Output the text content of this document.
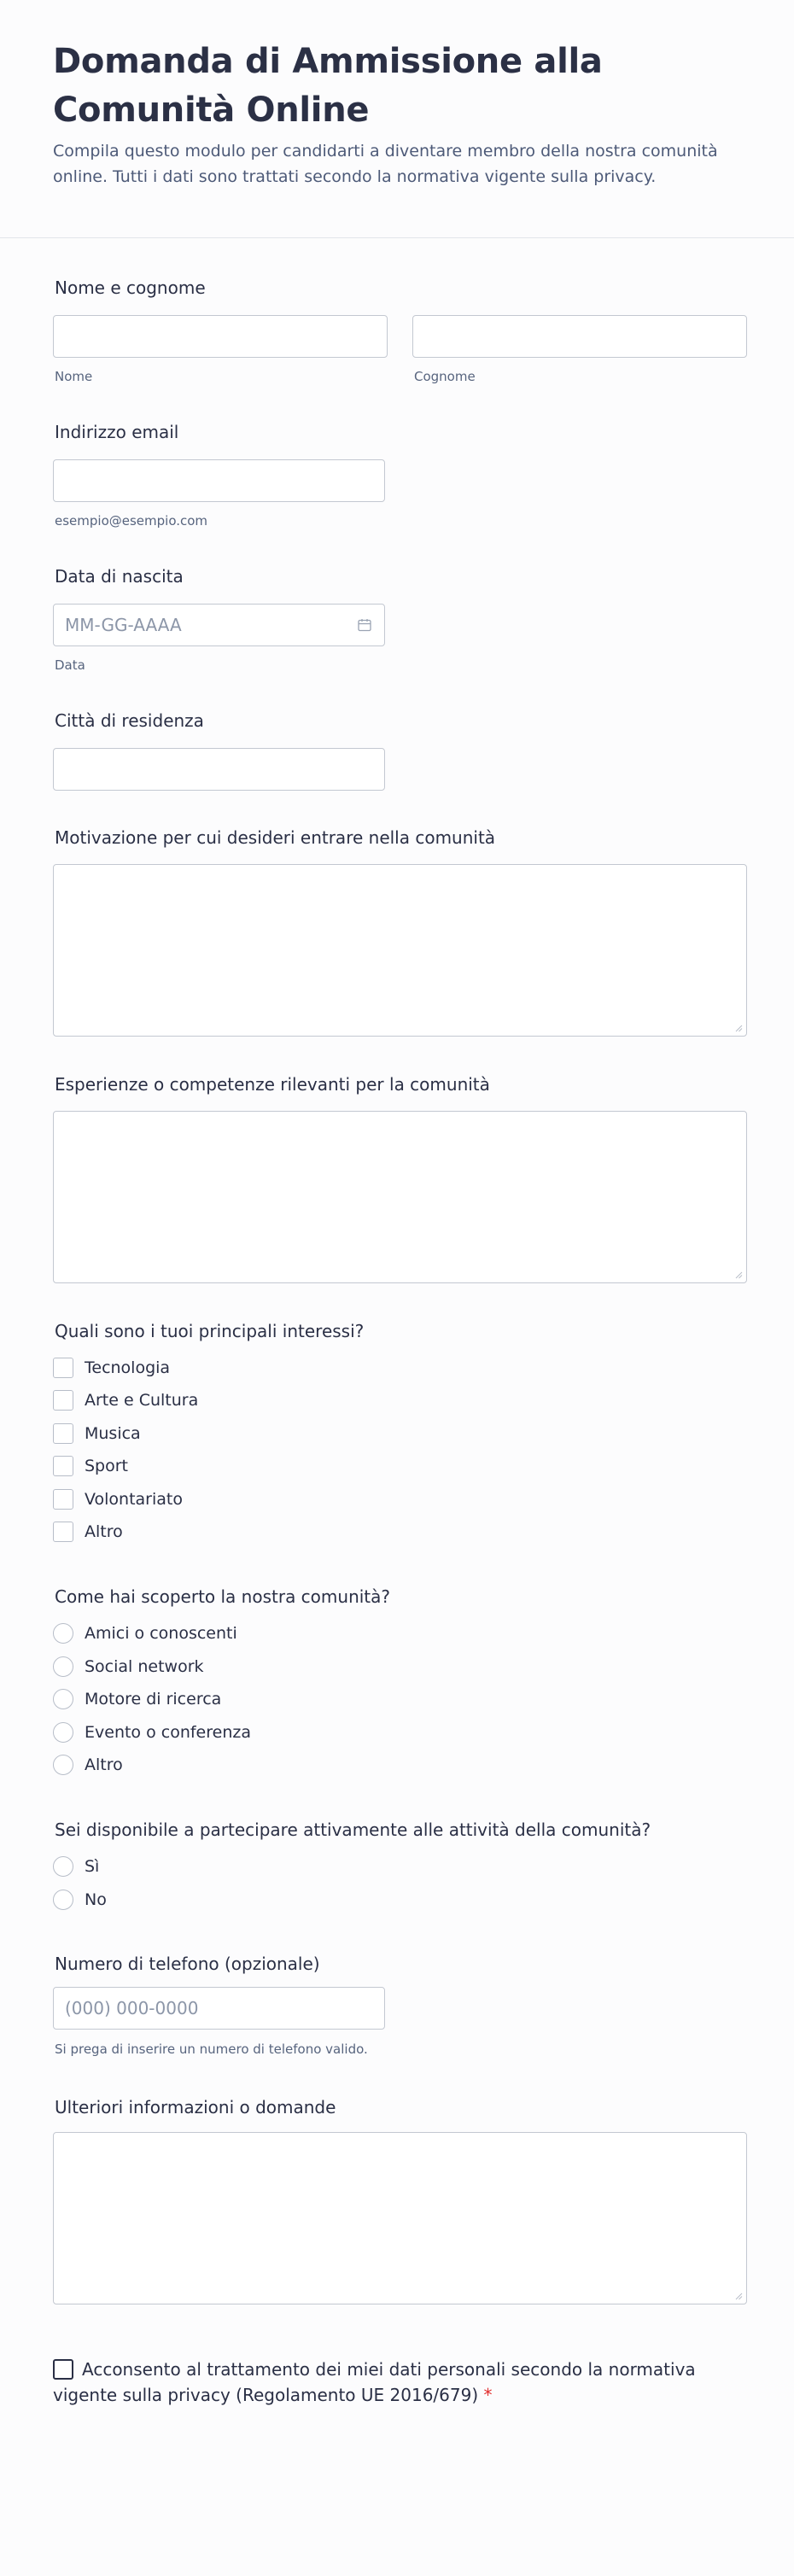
Domanda di Ammissione alla Comunità Online
Compila questo modulo per candidarti a diventare membro della nostra comunità online. Tutti i dati sono trattati secondo la normativa vigente sulla privacy.
Nome e cognome
Nome	Cognome
Indirizzo email
esempio@esempio.com
Data di nascita
MM-GG-AAAA
Data
Città di residenza
Motivazione per cui desideri entrare nella comunità
Esperienze o competenze rilevanti per la comunità
Quali sono i tuoi principali interessi?
Tecnologia
Arte e Cultura
Musica
Sport
Volontariato
Altro
Come hai scoperto la nostra comunità?
Amici o conoscenti
Social network
Motore di ricerca
Evento o conferenza
Altro
Sei disponibile a partecipare attivamente alle attività della comunità?
Sì
No
Numero di telefono (opzionale)
(000) 000-0000
Si prega di inserire un numero di telefono valido.
Ulteriori informazioni o domande
Acconsento al trattamento dei miei dati personali secondo la normativa vigente sulla privacy (Regolamento UE 2016/679) *
